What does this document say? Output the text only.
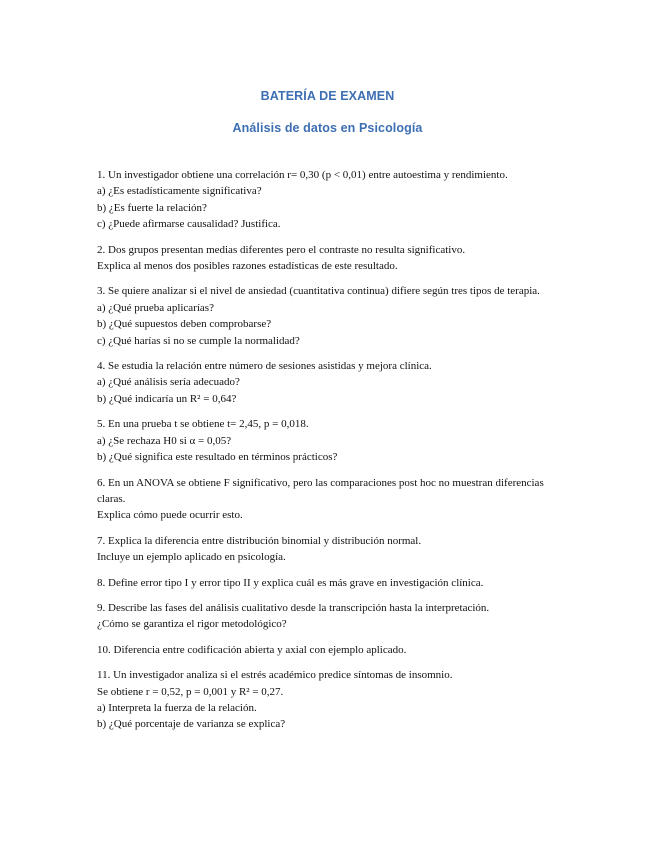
BATERÍA DE EXAMEN
Análisis de datos en Psicología
1. Un investigador obtiene una correlación r= 0,30 (p < 0,01) entre autoestima y rendimiento.
a) ¿Es estadísticamente significativa?
b) ¿Es fuerte la relación?
c) ¿Puede afirmarse causalidad? Justifica.
2. Dos grupos presentan medias diferentes pero el contraste no resulta significativo.
Explica al menos dos posibles razones estadísticas de este resultado.
3. Se quiere analizar si el nivel de ansiedad (cuantitativa continua) difiere según tres tipos de terapia.
a) ¿Qué prueba aplicarías?
b) ¿Qué supuestos deben comprobarse?
c) ¿Qué harías si no se cumple la normalidad?
4. Se estudia la relación entre número de sesiones asistidas y mejora clínica.
a) ¿Qué análisis sería adecuado?
b) ¿Qué indicaría un R² = 0,64?
5. En una prueba t se obtiene t= 2,45, p = 0,018.
a) ¿Se rechaza H0 si α = 0,05?
b) ¿Qué significa este resultado en términos prácticos?
6. En un ANOVA se obtiene F significativo, pero las comparaciones post hoc no muestran diferencias claras.
Explica cómo puede ocurrir esto.
7. Explica la diferencia entre distribución binomial y distribución normal.
Incluye un ejemplo aplicado en psicología.
8. Define error tipo I y error tipo II y explica cuál es más grave en investigación clínica.
9. Describe las fases del análisis cualitativo desde la transcripción hasta la interpretación.
¿Cómo se garantiza el rigor metodológico?
10. Diferencia entre codificación abierta y axial con ejemplo aplicado.
11. Un investigador analiza si el estrés académico predice síntomas de insomnio.
Se obtiene r = 0,52, p = 0,001 y R² = 0,27.
a) Interpreta la fuerza de la relación.
b) ¿Qué porcentaje de varianza se explica?
